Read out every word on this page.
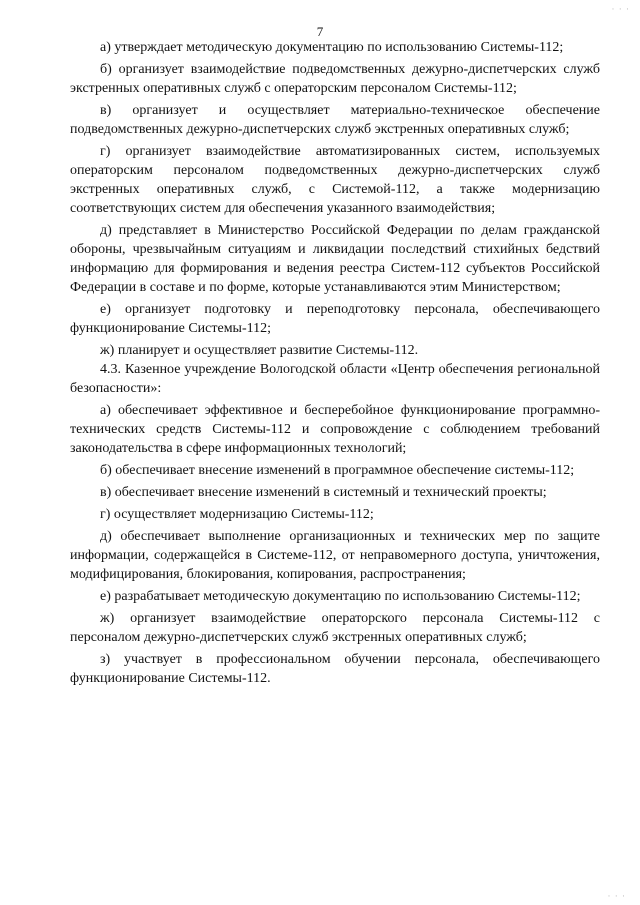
· · ·
7

а) утверждает методическую документацию по использованию Системы-112;

б) организует взаимодействие подведомственных дежурно-диспетчерских служб экстренных оперативных служб с операторским персоналом Системы-112;

в) организует и осуществляет материально-техническое обеспечение подведомственных дежурно-диспетчерских служб экстренных оперативных служб;

г) организует взаимодействие автоматизированных систем, используемых операторским персоналом подведомственных дежурно-диспетчерских служб экстренных оперативных служб, с Системой-112, а также модернизацию соответствующих систем для обеспечения указанного взаимодействия;

д) представляет в Министерство Российской Федерации по делам гражданской обороны, чрезвычайным ситуациям и ликвидации последствий стихийных бедствий информацию для формирования и ведения реестра Систем-112 субъектов Российской Федерации в составе и по форме, которые устанавливаются этим Министерством;

е) организует подготовку и переподготовку персонала, обеспечивающего функционирование Системы-112;

ж) планирует и осуществляет развитие Системы-112.

4.3. Казенное учреждение Вологодской области «Центр обеспечения региональной безопасности»:

а) обеспечивает эффективное и бесперебойное функционирование программно-технических средств Системы-112 и сопровождение с соблюдением требований законодательства в сфере информационных технологий;

б) обеспечивает внесение изменений в программное обеспечение системы-112;

в) обеспечивает внесение изменений в системный и технический проекты;

г) осуществляет модернизацию Системы-112;

д) обеспечивает выполнение организационных и технических мер по защите информации, содержащейся в Системе-112, от неправомерного доступа, уничтожения, модифицирования, блокирования, копирования, распространения;

е) разрабатывает методическую документацию по использованию Системы-112;

ж) организует взаимодействие операторского персонала Системы-112 с персоналом дежурно-диспетчерских служб экстренных оперативных служб;

з) участвует в профессиональном обучении персонала, обеспечивающего функционирование Системы-112.

· · ·
